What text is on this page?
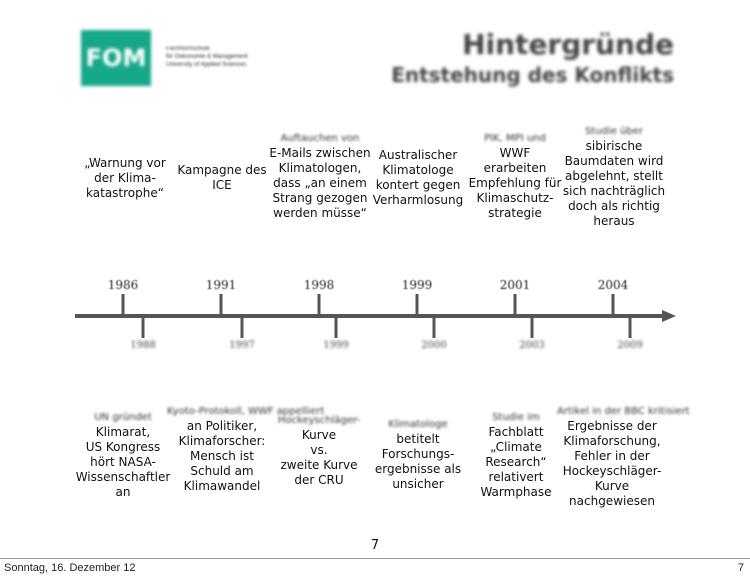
FOM	Fachhochschule
für Oekonomie & Management
University of Applied Sciences
Hintergründe
Entstehung des Konflikts
1986	1991	1998	1999	2001	2004
1988	1997	1999	2000	2003	2009
„Warnung vor
der Klima-
katastrophe“
Kampagne des
ICE
Auftauchen von
E-Mails zwischen
Klimatologen,
dass „an einem
Strang gezogen
werden müsse“
Australischer
Klimatologe
kontert gegen
Verharmlosung
PIK, MPI und
WWF
erarbeiten
Empfehlung für
Klimaschutz-
strategie
Studie über
sibirische
Baumdaten wird
abgelehnt, stellt
sich nachträglich
doch als richtig
heraus
UN gründet
Klimarat,
US Kongress
hört NASA-
Wissenschaftler
an
Kyoto-Protokoll, WWF appelliert
an Politiker,
Klimaforscher:
Mensch ist
Schuld am
Klimawandel
Hockeyschläger-
Kurve
vs.
zweite Kurve
der CRU
Klimatologe
betitelt
Forschungs-
ergebnisse als
unsicher
Studie im
Fachblatt
„Climate
Research“
relativert
Warmphase
Artikel in der BBC kritisiert
Ergebnisse der
Klimaforschung,
Fehler in der
Hockeyschläger-
Kurve
nachgewiesen
7
Sonntag, 16. Dezember 12	7
